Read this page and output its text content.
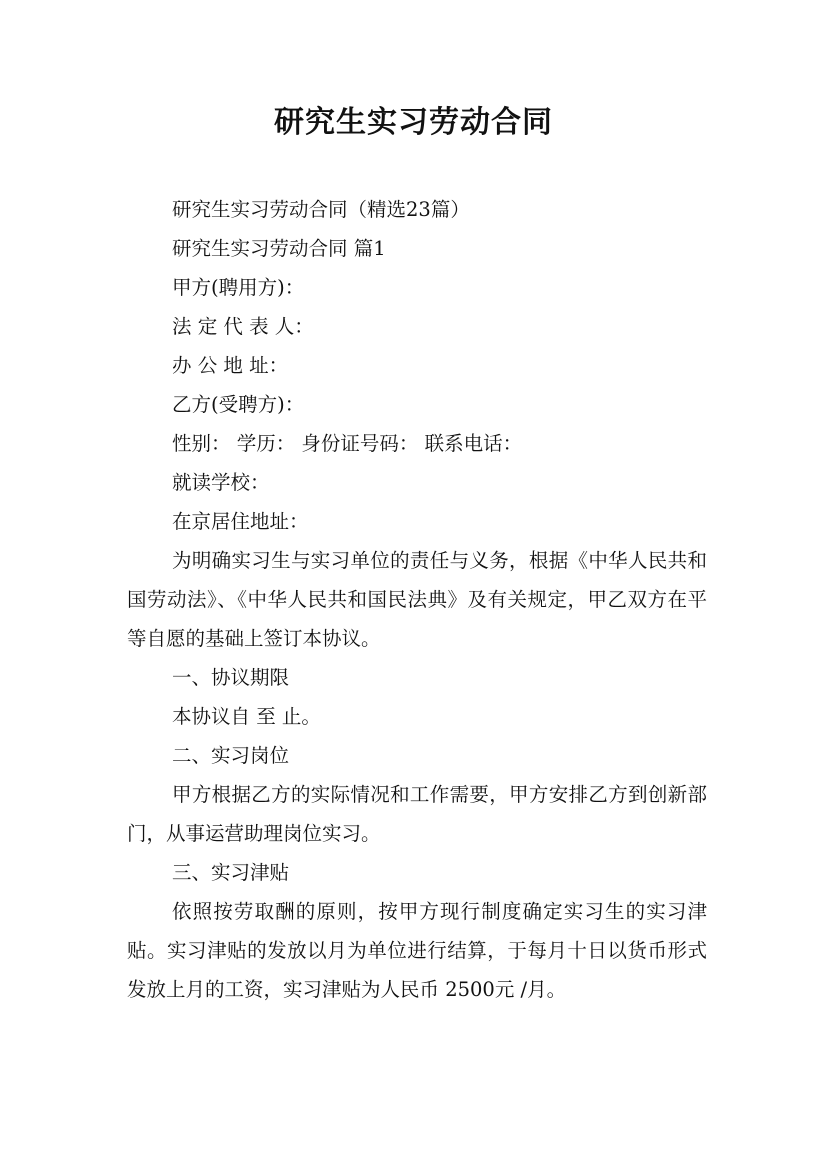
研究生实习劳动合同

研究生实习劳动合同（精选23篇）

研究生实习劳动合同 篇1

甲方(聘用方)：

法 定 代 表 人：

办 公 地 址：

乙方(受聘方)：

性别： 学历： 身份证号码： 联系电话：

就读学校：

在京居住地址：

为明确实习生与实习单位的责任与义务，根据《中华人民共和国劳动法》、《中华人民共和国民法典》及有关规定，甲乙双方在平等自愿的基础上签订本协议。

一、协议期限

本协议自 至 止。

二、实习岗位

甲方根据乙方的实际情况和工作需要，甲方安排乙方到创新部门，从事运营助理岗位实习。

三、实习津贴

依照按劳取酬的原则，按甲方现行制度确定实习生的实习津贴。实习津贴的发放以月为单位进行结算，于每月十日以货币形式发放上月的工资，实习津贴为人民币 2500元 /月。
